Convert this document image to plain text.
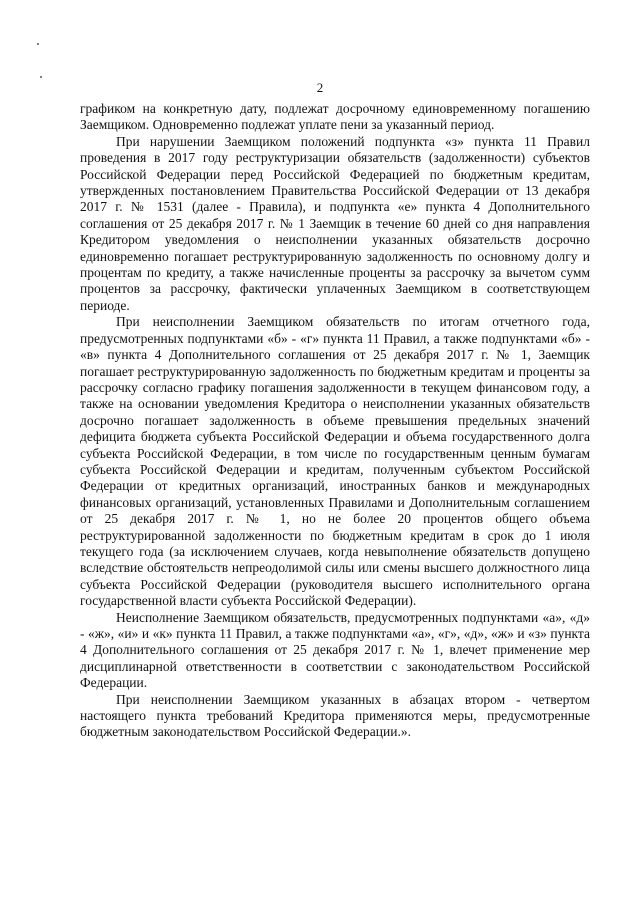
2

графиком на конкретную дату, подлежат досрочному единовременному погашению Заемщиком. Одновременно подлежат уплате пени за указанный период.

При нарушении Заемщиком положений подпункта «з» пункта 11 Правил проведения в 2017 году реструктуризации обязательств (задолженности) субъектов Российской Федерации перед Российской Федерацией по бюджетным кредитам, утвержденных постановлением Правительства Российской Федерации от 13 декабря 2017 г. № 1531 (далее - Правила), и подпункта «е» пункта 4 Дополнительного соглашения от 25 декабря 2017 г. № 1 Заемщик в течение 60 дней со дня направления Кредитором уведомления о неисполнении указанных обязательств досрочно единовременно погашает реструктурированную задолженность по основному долгу и процентам по кредиту, а также начисленные проценты за рассрочку за вычетом сумм процентов за рассрочку, фактически уплаченных Заемщиком в соответствующем периоде.

При неисполнении Заемщиком обязательств по итогам отчетного года, предусмотренных подпунктами «б» - «г» пункта 11 Правил, а также подпунктами «б» - «в» пункта 4 Дополнительного соглашения от 25 декабря 2017 г. № 1, Заемщик погашает реструктурированную задолженность по бюджетным кредитам и проценты за рассрочку согласно графику погашения задолженности в текущем финансовом году, а также на основании уведомления Кредитора о неисполнении указанных обязательств досрочно погашает задолженность в объеме превышения предельных значений дефицита бюджета субъекта Российской Федерации и объема государственного долга субъекта Российской Федерации, в том числе по государственным ценным бумагам субъекта Российской Федерации и кредитам, полученным субъектом Российской Федерации от кредитных организаций, иностранных банков и международных финансовых организаций, установленных Правилами и Дополнительным соглашением от 25 декабря 2017 г. № 1, но не более 20 процентов общего объема реструктурированной задолженности по бюджетным кредитам в срок до 1 июля текущего года (за исключением случаев, когда невыполнение обязательств допущено вследствие обстоятельств непреодолимой силы или смены высшего должностного лица субъекта Российской Федерации (руководителя высшего исполнительного органа государственной власти субъекта Российской Федерации).

Неисполнение Заемщиком обязательств, предусмотренных подпунктами «а», «д» - «ж», «и» и «к» пункта 11 Правил, а также подпунктами «а», «г», «д», «ж» и «з» пункта 4 Дополнительного соглашения от 25 декабря 2017 г. № 1, влечет применение мер дисциплинарной ответственности в соответствии с законодательством Российской Федерации.

При неисполнении Заемщиком указанных в абзацах втором - четвертом настоящего пункта требований Кредитора применяются меры, предусмотренные бюджетным законодательством Российской Федерации.».
